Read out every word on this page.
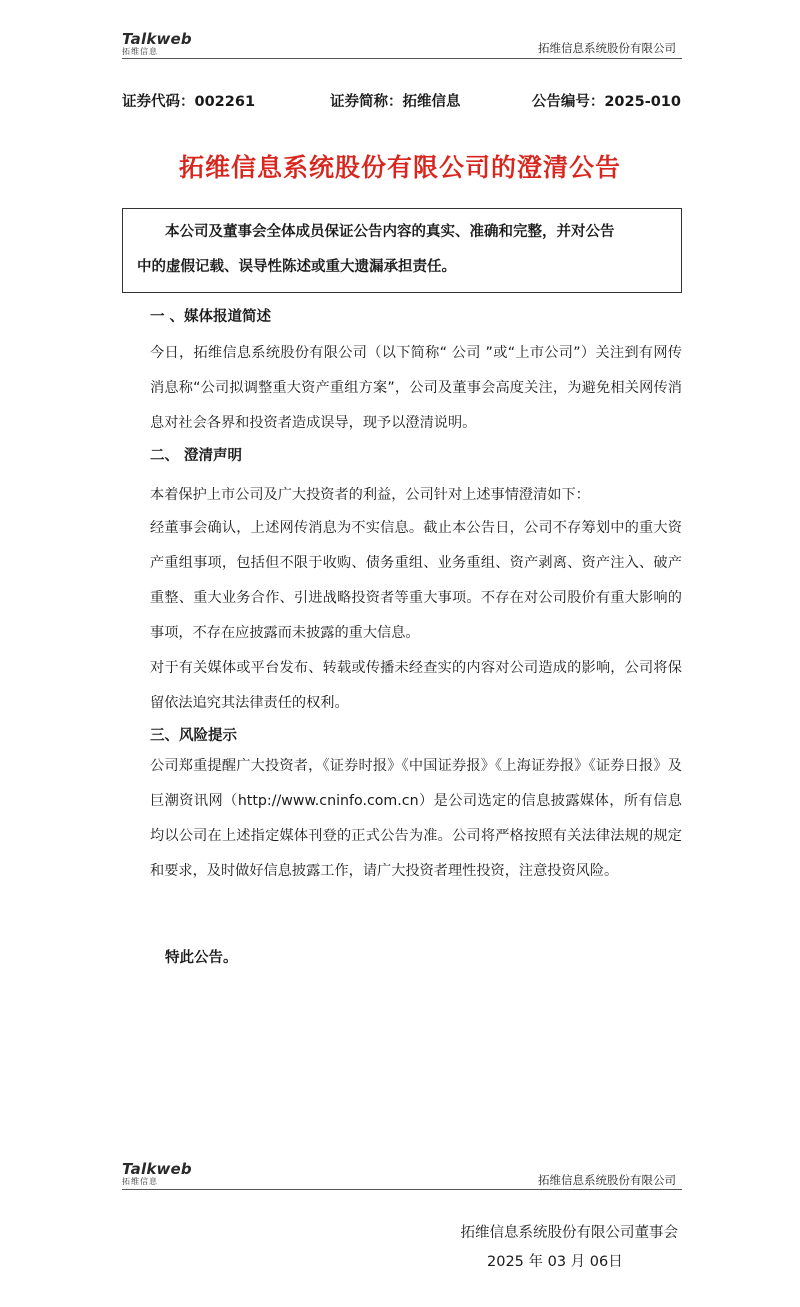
Talkweb
拓维信息	拓维信息系统股份有限公司
证券代码：002261	证券简称：拓维信息	公告编号：2025-010
拓维信息系统股份有限公司的澄清公告
本公司及董事会全体成员保证公告内容的真实、准确和完整，并对公告
中的虚假记载、误导性陈述或重大遗漏承担责任。
一 、媒体报道简述
今日，拓维信息系统股份有限公司（以下简称“ 公司 ”或“上市公司”）关注到有网传消息称“公司拟调整重大资产重组方案”，公司及董事会高度关注，为避免相关网传消息对社会各界和投资者造成误导，现予以澄清说明。
二、 澄清声明
本着保护上市公司及广大投资者的利益，公司针对上述事情澄清如下：
经董事会确认，上述网传消息为不实信息。截止本公告日，公司不存筹划中的重大资产重组事项，包括但不限于收购、债务重组、业务重组、资产剥离、资产注入、破产重整、重大业务合作、引进战略投资者等重大事项。不存在对公司股价有重大影响的事项，不存在应披露而未披露的重大信息。
对于有关媒体或平台发布、转载或传播未经查实的内容对公司造成的影响，公司将保留依法追究其法律责任的权利。
三、风险提示
公司郑重提醒广大投资者，《证券时报》《中国证券报》《上海证券报》《证券日报》及巨潮资讯网（http://www.cninfo.com.cn）是公司选定的信息披露媒体，所有信息均以公司在上述指定媒体刊登的正式公告为准。公司将严格按照有关法律法规的规定和要求，及时做好信息披露工作，请广大投资者理性投资，注意投资风险。
特此公告。
Talkweb
拓维信息	拓维信息系统股份有限公司
拓维信息系统股份有限公司董事会
2025 年 03 月 06日
